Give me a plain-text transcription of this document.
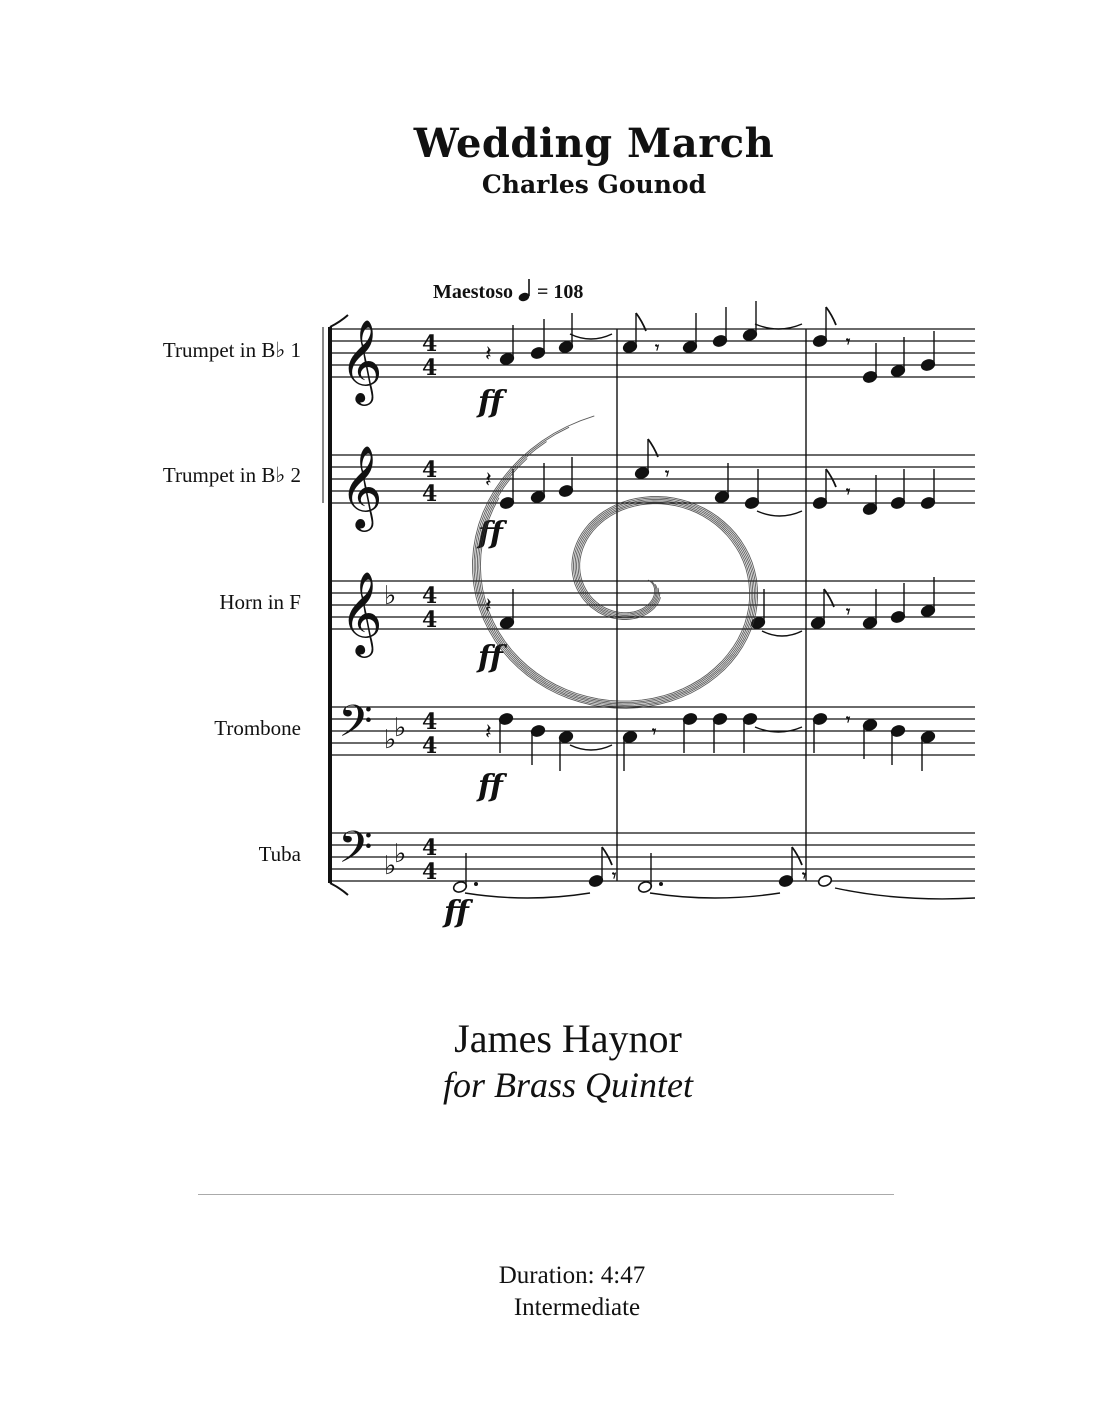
Wedding March
Charles Gounod
Maestoso = 108
Trumpet in B♭ 1
Trumpet in B♭ 2
Horn in F
Trombone
Tuba
𝄞
𝄞
𝄞
𝄢
𝄢
♭
♭
♭
♭
♭
4
4
4
4
4
4
4
4
4
4
ff
ff
ff
ff
ff
𝄽	𝄾	𝄾
𝄽	𝄾
𝄾
𝄽	𝄾
𝄽	𝄾
𝄾
𝄾	𝄾
James Haynor
for Brass Quintet
Duration: 4:47
Intermediate
